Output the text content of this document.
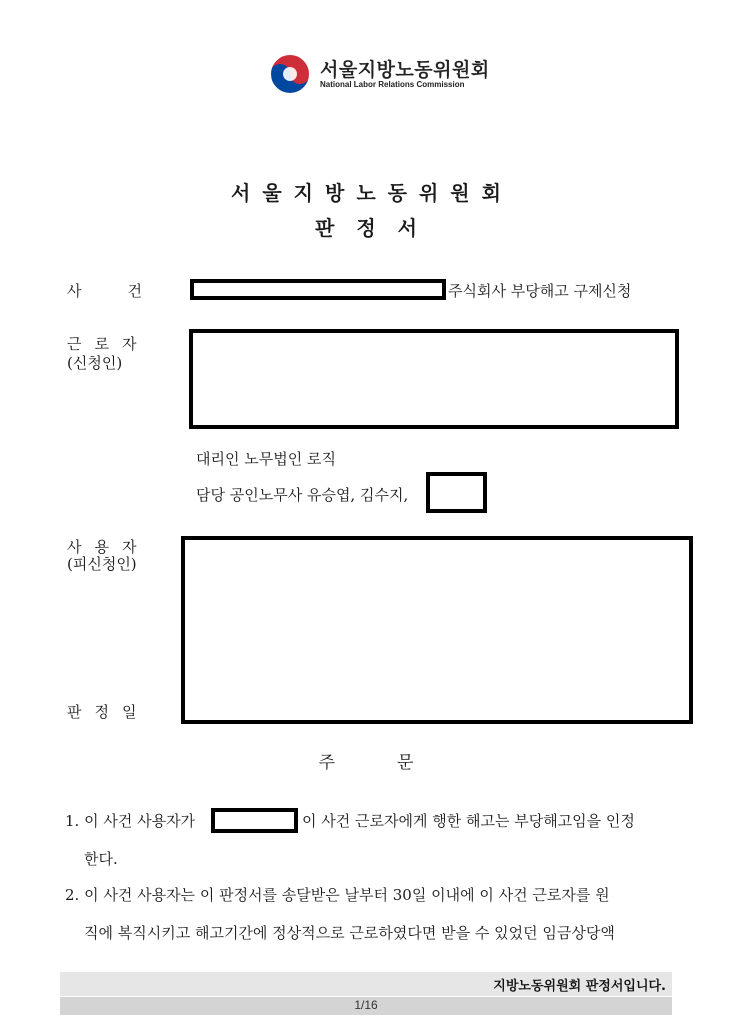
서울지방노동위원회
National Labor Relations Commission
서울지방노동위원회
판정서
사건	주식회사 부당해고 구제신청
근로자
(신청인)
대리인 노무법인 로직
담당 공인노무사 유승엽, 김수지,
사용자
(피신청인)
판정일
주문
1. 이 사건 사용자가	이 사건 근로자에게 행한 해고는 부당해고임을 인정
한다.
2. 이 사건 사용자는 이 판정서를 송달받은 날부터 30일 이내에 이 사건 근로자를 원
직에 복직시키고 해고기간에 정상적으로 근로하였다면 받을 수 있었던 임금상당액
지방노동위원회 판정서입니다.
1/16
